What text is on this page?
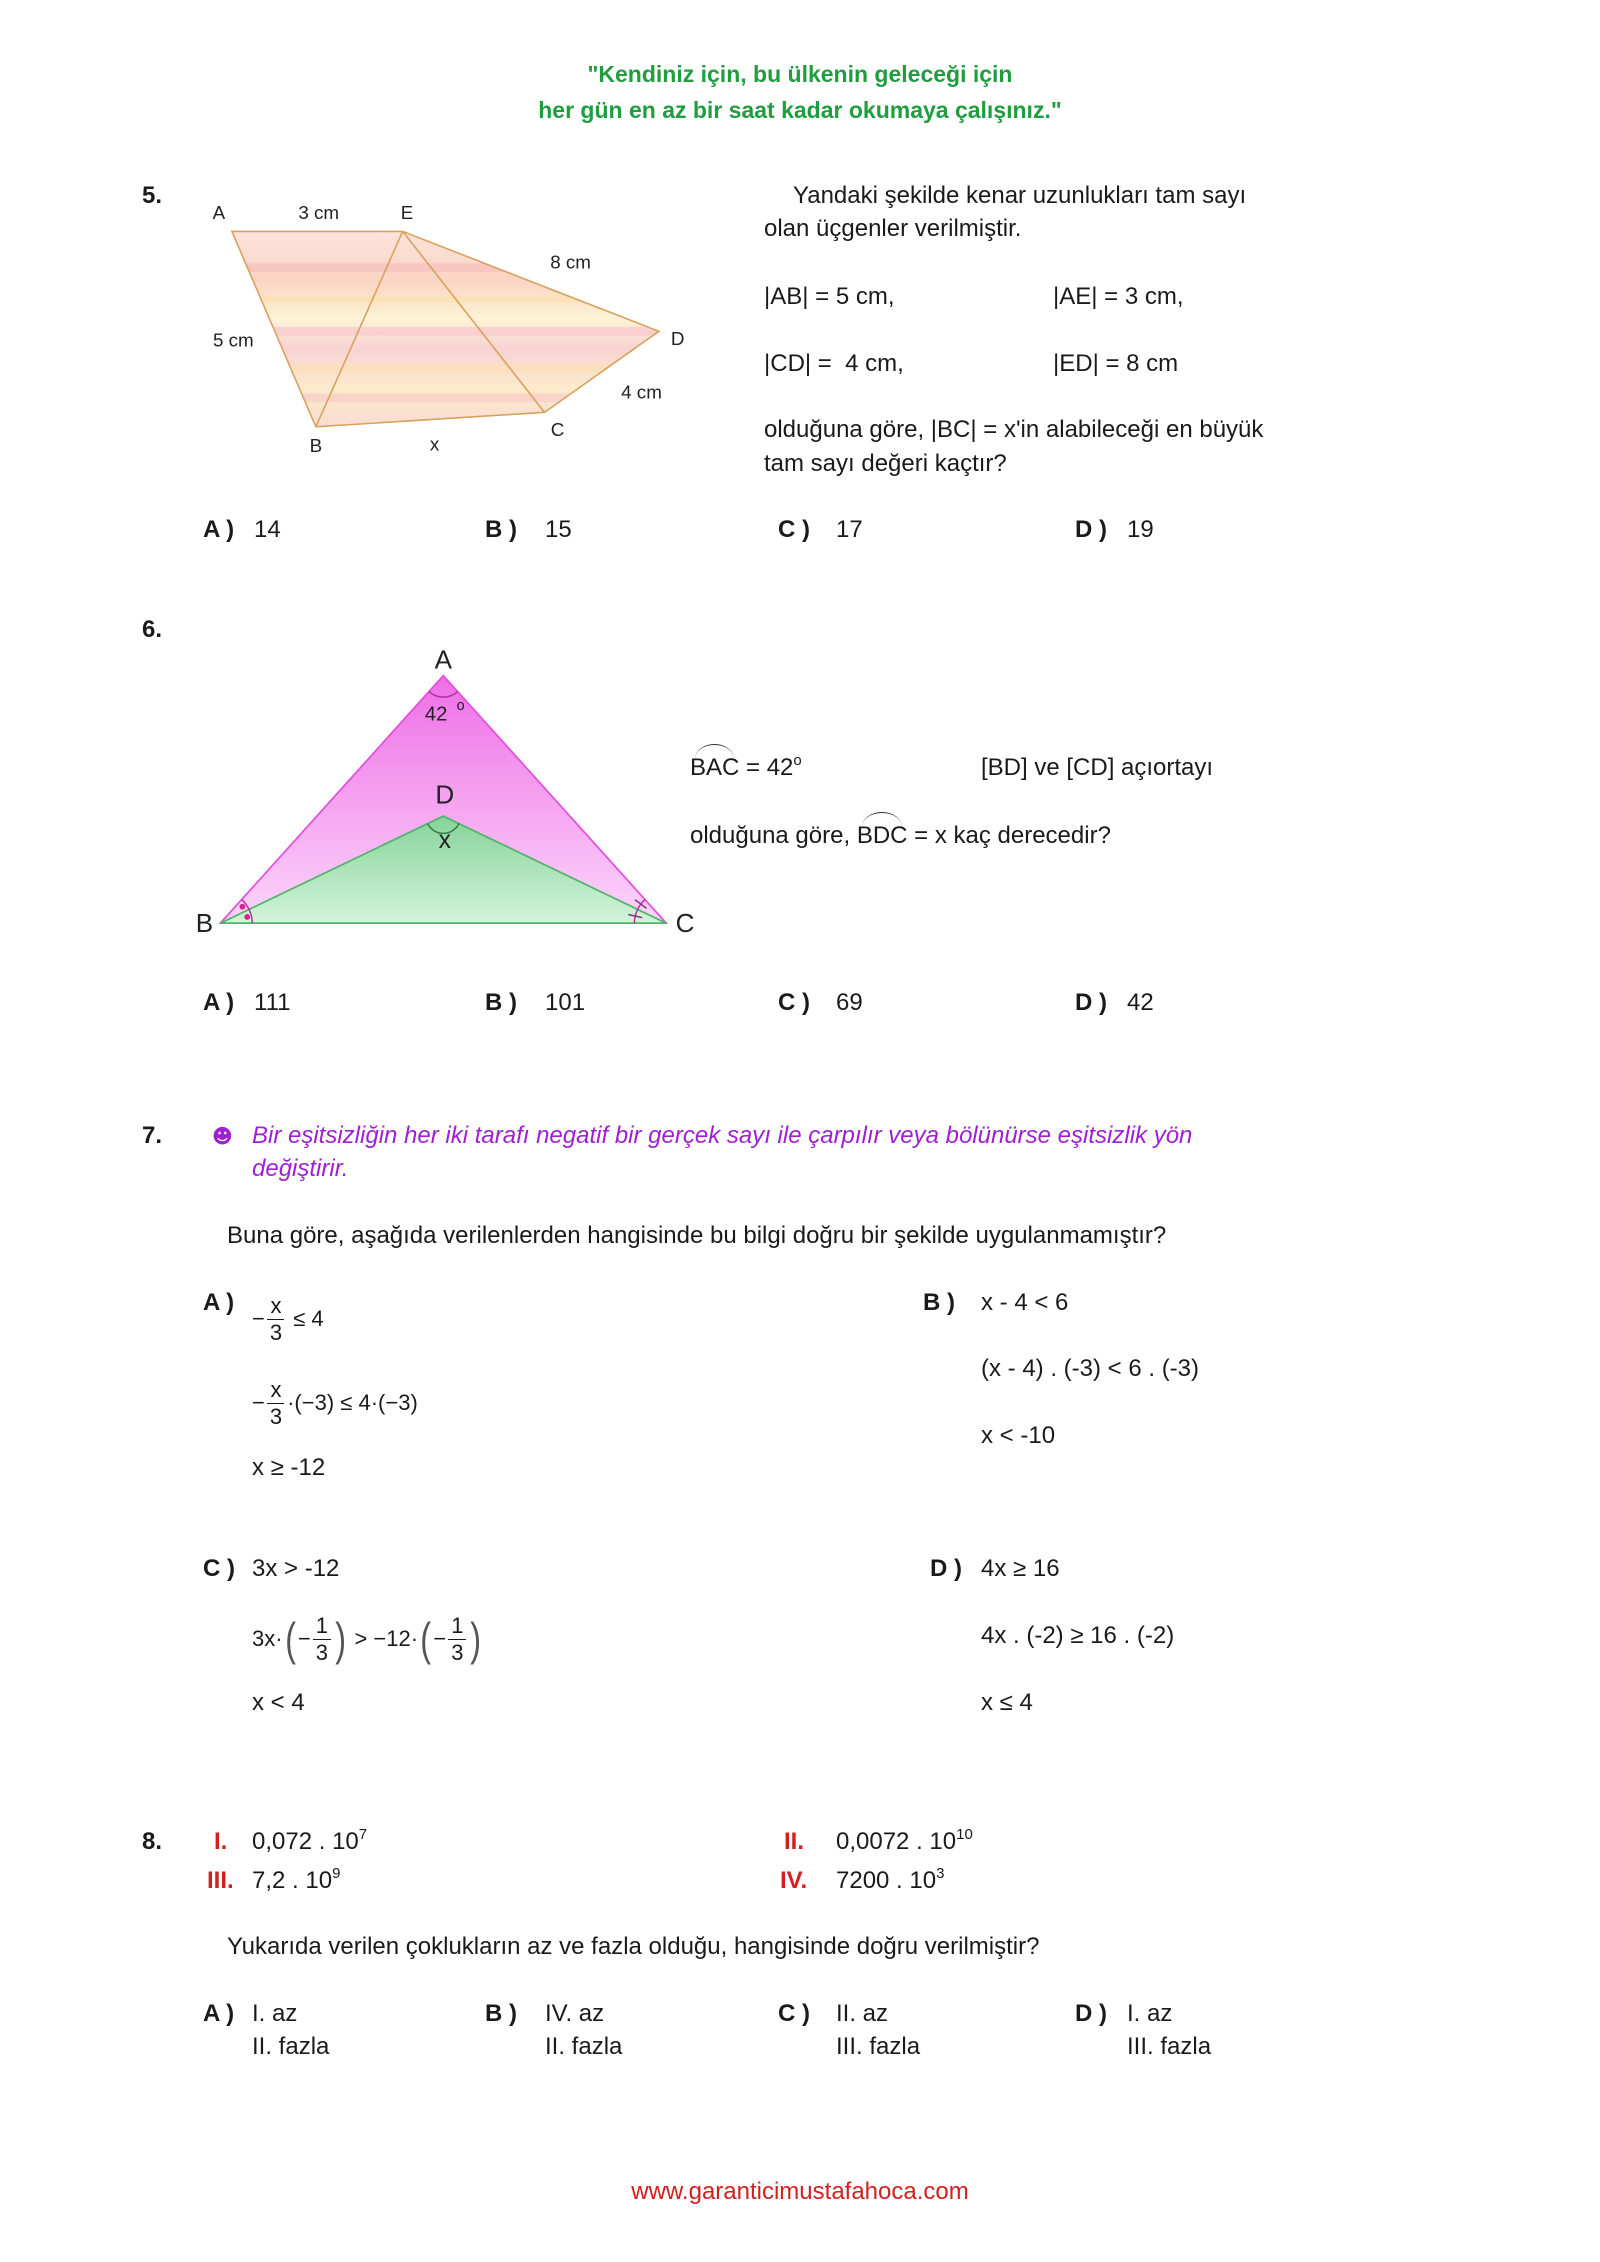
"Kendiniz için, bu ülkenin geleceği için
her gün en az bir saat kadar okumaya çalışınız."
5.
A	3 cm	E
8 cm
D
5 cm
4 cm
C
B	x
Yandaki şekilde kenar uzunlukları tam sayı
olan üçgenler verilmiştir.
|AB| = 5 cm,	|AE| = 3 cm,
|CD| =  4 cm,	|ED| = 8 cm
olduğuna göre, |BC| = x'in alabileceği en büyük
tam sayı değeri kaçtır?
A ) 14	B ) 15	C ) 17	D ) 19
6.
A
42 o
D
x
B	C
BAC = $42^o$	[BD] ve [CD] açıortayı
olduğuna göre, BDC = x kaç derecedir?
A ) 111	B ) 101	C ) 69	D ) 42
7. ☻ Bir eşitsizliğin her iki tarafı negatif bir gerçek sayı ile çarpılır veya bölünürse eşitsizlik yön
değiştirir.
Buna göre, aşağıda verilenlerden hangisinde bu bilgi doğru bir şekilde uygulanmamıştır?
A )
− $\frac{x}{3} \le 4$
− $\frac{x}{3} \cdot(-3) \le 4\cdot(-3)$
x ≥ -12
B ) x - 4 < 6
(x - 4) . (-3) < 6 . (-3)
x < -10
C ) 3x > -12
3x· ( − $\frac{1}{3}$ ) > −12· ( − $\frac{1}{3}$ )
x < 4
D ) 4x ≥ 16
4x . (-2) ≥ 16 . (-2)
x ≤ 4
8. I. 0,072 . $10^7$	II. 0,0072 . $10^{10}$
III. 7,2 . $10^9$	IV. 7200 . $10^3$
Yukarıda verilen çoklukların az ve fazla olduğu, hangisinde doğru verilmiştir?
A ) I. az
II. fazla
B ) IV. az
II. fazla
C ) II. az
III. fazla
D ) I. az
III. fazla
www.garanticimustafahoca.com
